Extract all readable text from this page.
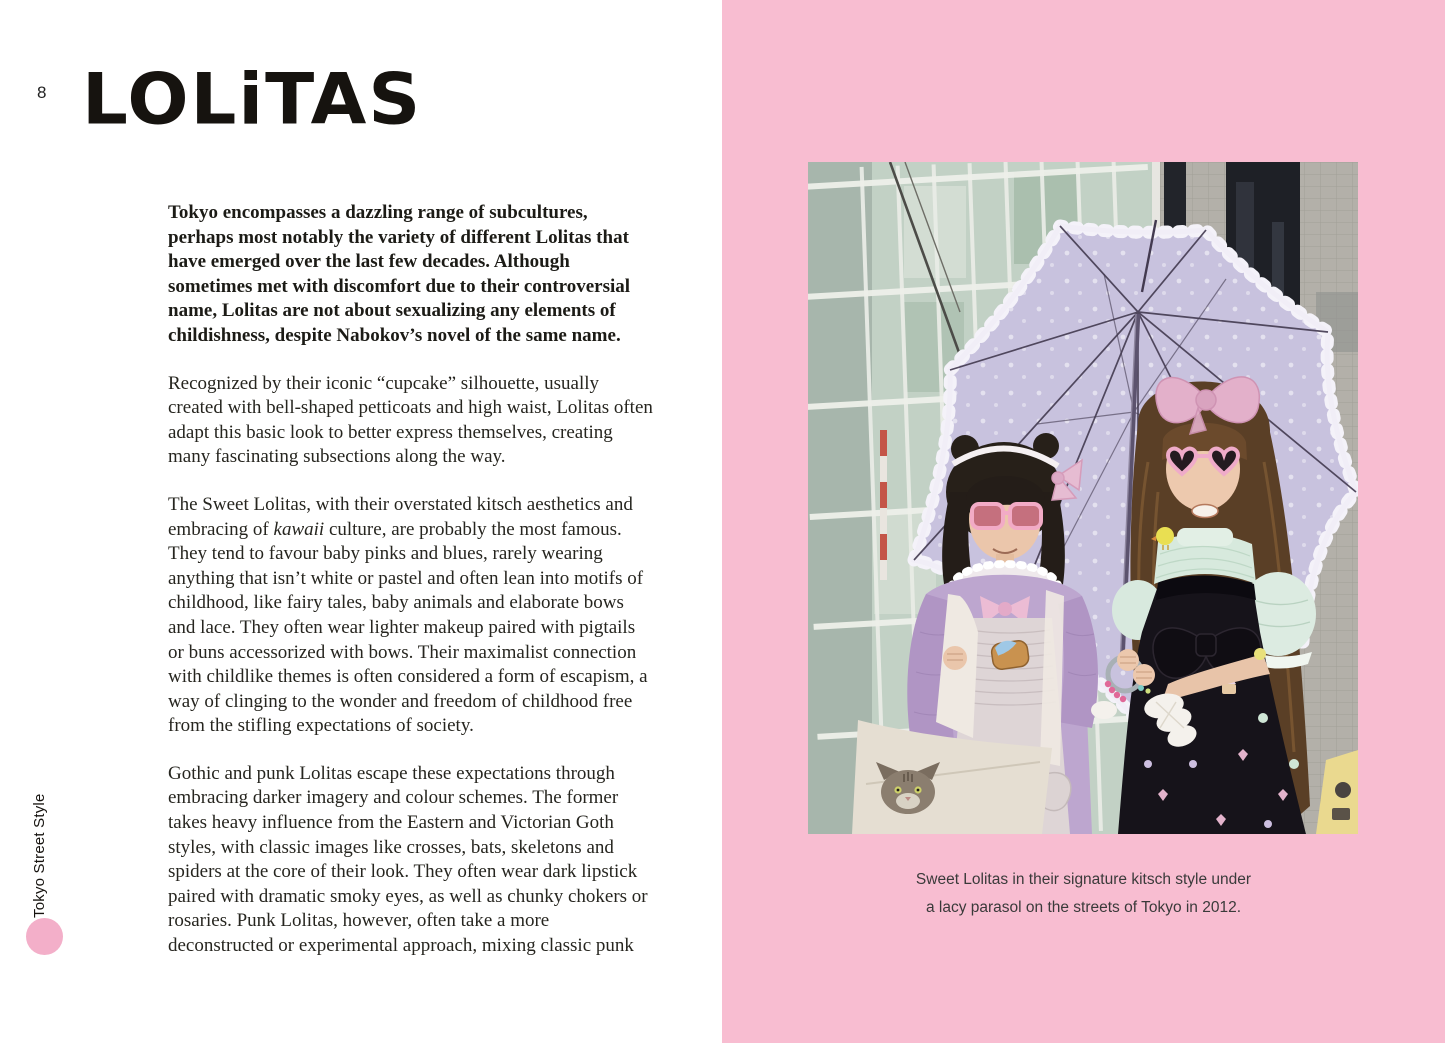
8 LOLiTAS

Tokyo encompasses a dazzling range of subcultures, perhaps most notably the variety of different Lolitas that have emerged over the last few decades. Although sometimes met with discomfort due to their controversial name, Lolitas are not about sexualizing any elements of childishness, despite Nabokov’s novel of the same name.

Recognized by their iconic “cupcake” silhouette, usually created with bell-shaped petticoats and high waist, Lolitas often adapt this basic look to better express themselves, creating many fascinating subsections along the way.

The Sweet Lolitas, with their overstated kitsch aesthetics and embracing of kawaii culture, are probably the most famous. They tend to favour baby pinks and blues, rarely wearing anything that isn’t white or pastel and often lean into motifs of childhood, like fairy tales, baby animals and elaborate bows and lace. They often wear lighter makeup paired with pigtails or buns accessorized with bows. Their maximalist connection with childlike themes is often considered a form of escapism, a way of clinging to the wonder and freedom of childhood free from the stifling expectations of society.

Gothic and punk Lolitas escape these expectations through embracing darker imagery and colour schemes. The former takes heavy influence from the Eastern and Victorian Goth styles, with classic images like crosses, bats, skeletons and spiders at the core of their look. They often wear dark lipstick paired with dramatic smoky eyes, as well as chunky chokers or rosaries. Punk Lolitas, however, often take a more deconstructed or experimental approach, mixing classic punk

Tokyo Street Style	Sweet Lolitas in their signature kitsch style under
a lacy parasol on the streets of Tokyo in 2012.
